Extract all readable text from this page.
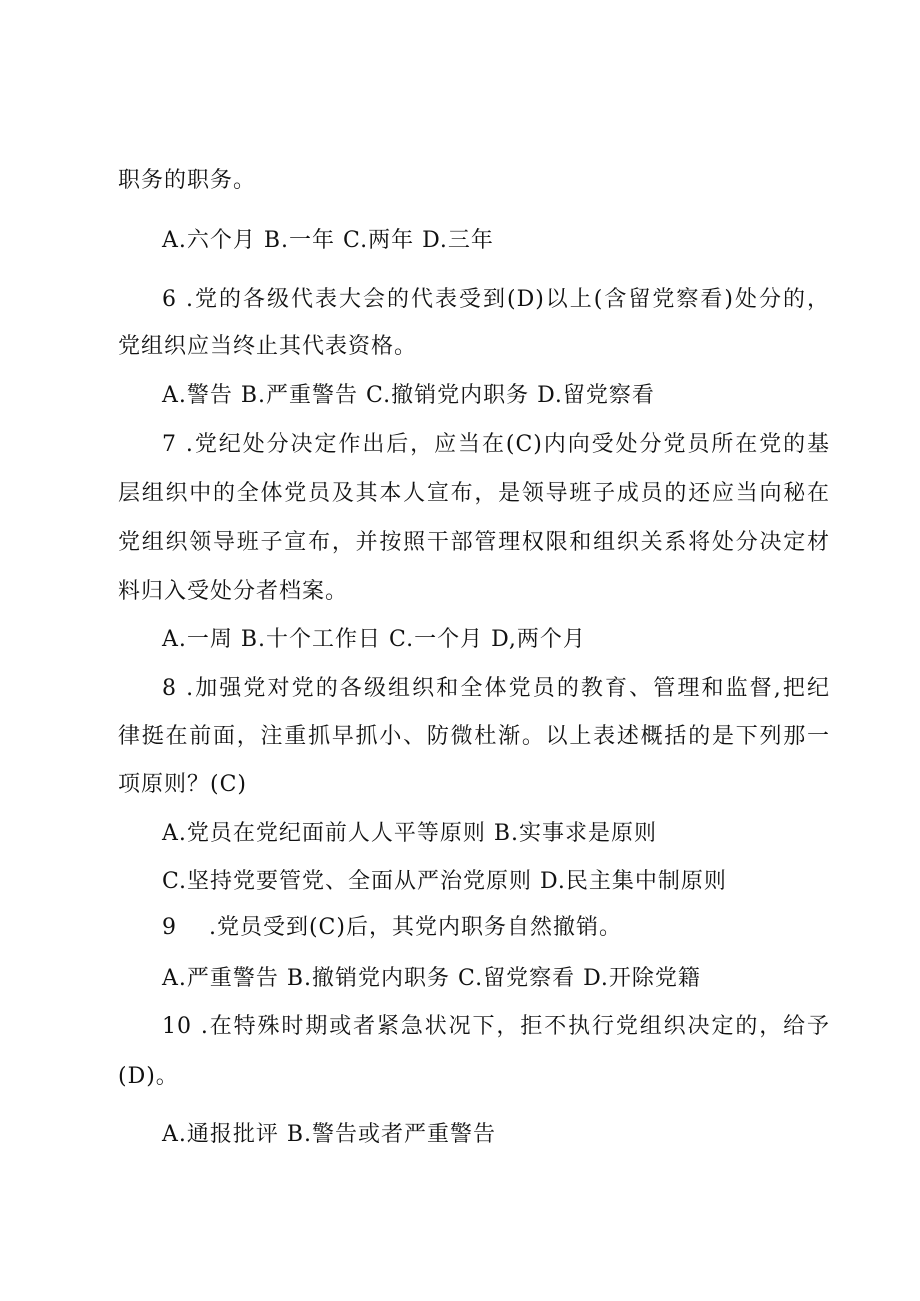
职务的职务。
A.六个月 B.一年 C.两年 D.三年
6 .党的各级代表大会的代表受到(D)以上(含留党察看)处分的，
党组织应当终止其代表资格。
A.警告 B.严重警告 C.撤销党内职务 D.留党察看
7 .党纪处分决定作出后，应当在(C)内向受处分党员所在党的基
层组织中的全体党员及其本人宣布，是领导班子成员的还应当向秘在
党组织领导班子宣布，并按照干部管理权限和组织关系将处分决定材
料归入受处分者档案。
A.一周 B.十个工作日 C.一个月 D,两个月
8 .加强党对党的各级组织和全体党员的教育、管理和监督,把纪
律挺在前面，注重抓早抓小、防微杜渐。以上表述概括的是下列那一
项原则？(C)
A.党员在党纪面前人人平等原则 B.实事求是原则
C.坚持党要管党、全面从严治党原则 D.民主集中制原则
9    .党员受到(C)后，其党内职务自然撤销。
A.严重警告 B.撤销党内职务 C.留党察看 D.开除党籍
10 .在特殊时期或者紧急状况下，拒不执行党组织决定的，给予
(D)。
A.通报批评 B.警告或者严重警告
